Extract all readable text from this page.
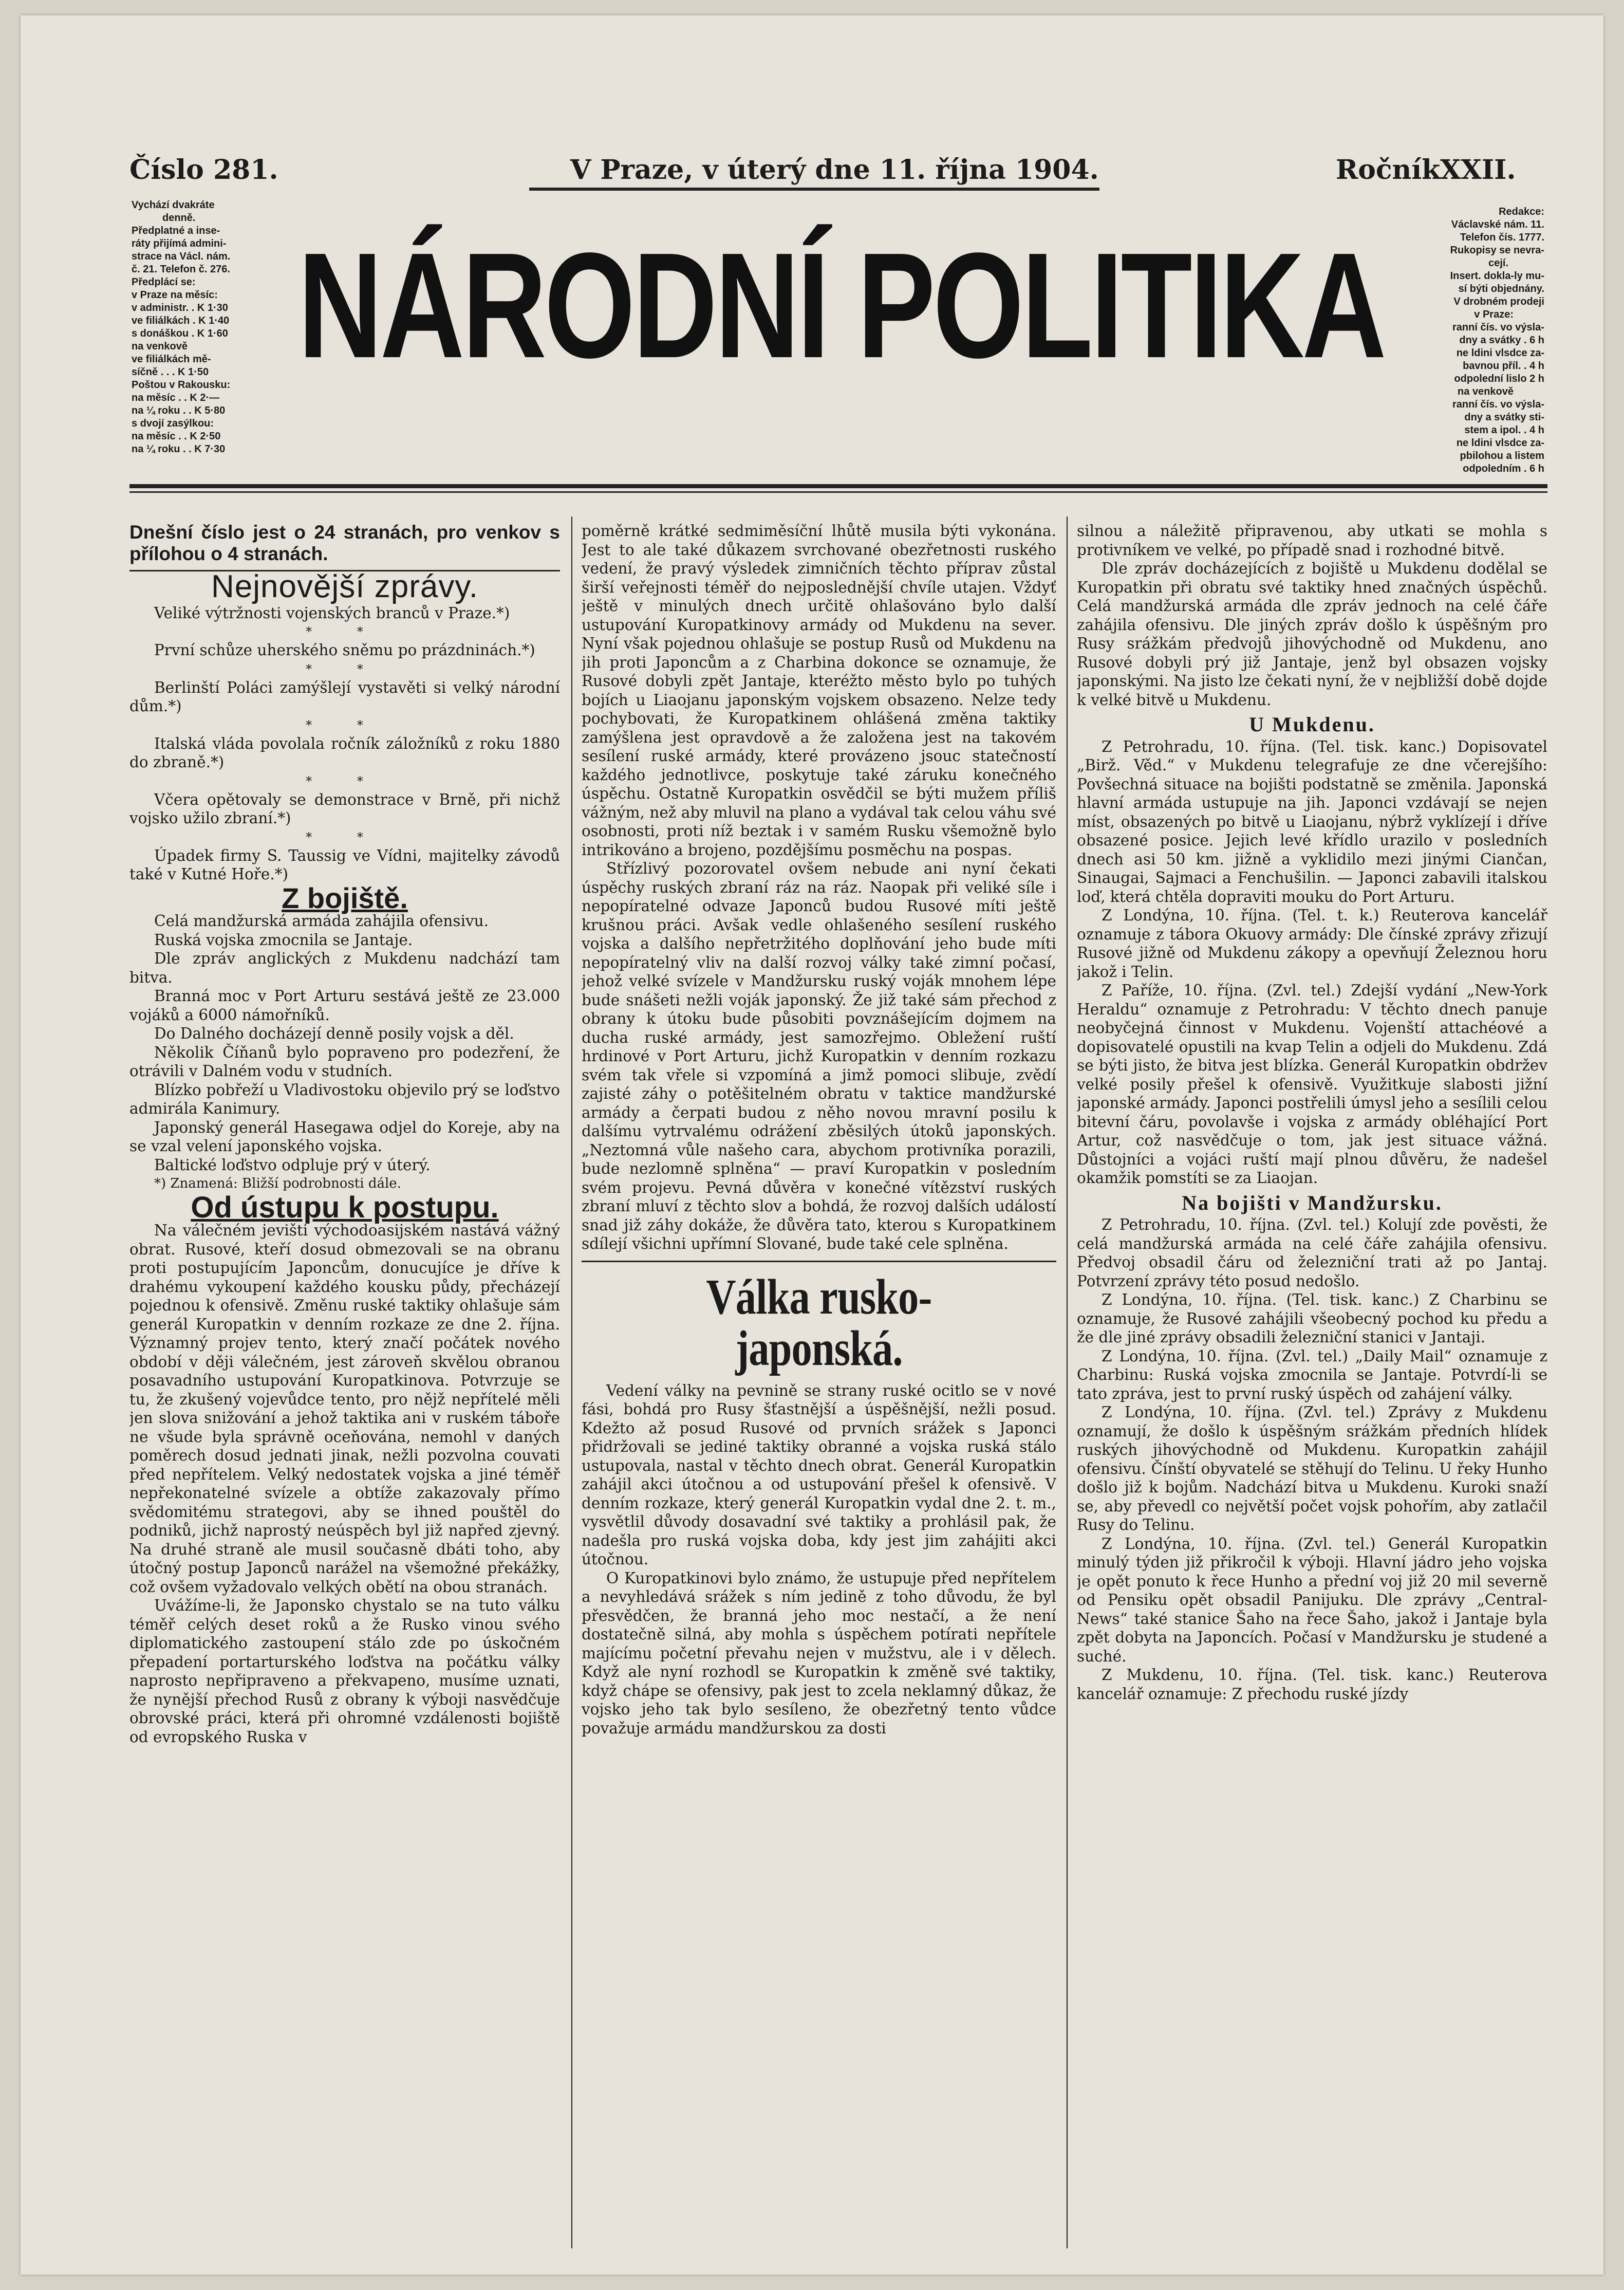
Číslo 281.	V Praze, v úterý dne 11. října 1904.	RočníkXXII.
Vychází dvakráte
denně.
Předplatné a inse-
ráty přijímá admini-
strace na Václ. nám.
č. 21. Telefon č. 276.
Předplácí se:
v Praze na měsíc:
v administr. . K 1·30
ve filiálkách . K 1·40
s donáškou . K 1·60
na venkově
ve filiálkách mě-
síčně . . . K 1·50
Poštou v Rakousku:
na měsíc . . K 2·—
na ¼ roku . . K 5·80
s dvojí zasýlkou:
na měsíc . . K 2·50
na ¼ roku . . K 7·30
NÁRODNÍ POLITIKA
Redakce:
Václavské nám. 11.
Telefon čís. 1777.
Rukopisy se nevra-
cejí.
Insert. dokla-ly mu-
sí býti objednány.
V drobném prodeji
v Praze:
ranní čís. vo výsla-
dny a svátky . 6 h
ne ldini vlsdce za-
bavnou příl. . 4 h
odpolední lislo 2 h
na venkově
ranní čís. vo výsla-
dny a svátky sti-
stem a ipol. . 4 h
ne ldini vlsdce za-
pbilohou a listem
odpoledním . 6 h
Dnešní číslo jest o 24 stranách, pro venkov s přílohou o 4 stranách.
Nejnovější zprávy.

Veliké výtržnosti vojenských branců v Praze.*)

* *

První schůze uherského sněmu po prázdninách.*)

* *

Berlinští Poláci zamýšlejí vystavěti si velký národní dům.*)

* *

Italská vláda povolala ročník záložníků z roku 1880 do zbraně.*)

* *

Včera opětovaly se demonstrace v Brně, při nichž vojsko užilo zbraní.*)

* *

Úpadek firmy S. Taussig ve Vídni, majitelky závodů také v Kutné Hoře.*)

Z bojiště.

Celá mandžurská armáda zahájila ofensivu.

Ruská vojska zmocnila se Jantaje.

Dle zpráv anglických z Mukdenu nadchází tam bitva.

Branná moc v Port Arturu sestává ještě ze 23.000 vojáků a 6000 námořníků.

Do Dalného docházejí denně posily vojsk a děl.

Několik Číňanů bylo popraveno pro podezření, že otrávili v Dalném vodu v studních.

Blízko pobřeží u Vladivostoku objevilo prý se loďstvo admirála Kanimury.

Japonský generál Hasegawa odjel do Koreje, aby na se vzal velení japonského vojska.

Baltické loďstvo odpluje prý v úterý.

*) Znamená: Bližší podrobnosti dále.

Od ústupu k postupu.

Na válečném jevišti východoasijském nastává vážný obrat. Rusové, kteří dosud obmezovali se na obranu proti postupujícím Japoncům, donucujíce je dříve k drahému vykoupení každého kousku půdy, přecházejí pojednou k ofensivě. Změnu ruské taktiky ohlašuje sám generál Kuropatkin v denním rozkaze ze dne 2. října. Významný projev tento, který značí počátek nového období v ději válečném, jest zároveň skvělou obranou posavadního ustupování Kuropatkinova. Potvrzuje se tu, že zkušený vojevůdce tento, pro nějž nepřítelé měli jen slova snižování a jehož taktika ani v ruském táboře ne všude byla správně oceňována, nemohl v daných poměrech dosud jednati jinak, nežli pozvolna couvati před nepřítelem. Velký nedostatek vojska a jiné téměř nepřekonatelné svízele a obtíže zakazovaly přímo svědomitému strategovi, aby se ihned pouštěl do podniků, jichž naprostý neúspěch byl již napřed zjevný. Na druhé straně ale musil současně dbáti toho, aby útočný postup Japonců narážel na všemožné překážky, což ovšem vyžadovalo velkých obětí na obou stranách.

Uvážíme-li, že Japonsko chystalo se na tuto válku téměř celých deset roků a že Rusko vinou svého diplomatického zastoupení stálo zde po úskočném přepadení portarturského loďstva na počátku války naprosto nepřipraveno a překvapeno, musíme uznati, že nynější přechod Rusů z obrany k výboji nasvědčuje obrovské práci, která při ohromné vzdálenosti bojiště od evropského Ruska v

poměrně krátké sedmiměsíční lhůtě musila býti vykonána. Jest to ale také důkazem svrchované obezřetnosti ruského vedení, že pravý výsledek zimničních těchto příprav zůstal širší veřejnosti téměř do nejposlednější chvíle utajen. Vždyť ještě v minulých dnech určitě ohlašováno bylo další ustupování Kuropatkinovy armády od Mukdenu na sever. Nyní však pojednou ohlašuje se postup Rusů od Mukdenu na jih proti Japoncům a z Charbina dokonce se oznamuje, že Rusové dobyli zpět Jantaje, kteréžto město bylo po tuhých bojích u Liaojanu japonským vojskem obsazeno. Nelze tedy pochybovati, že Kuropatkinem ohlášená změna taktiky zamýšlena jest opravdově a že založena jest na takovém sesílení ruské armády, které provázeno jsouc statečností každého jednotlivce, poskytuje také záruku konečného úspěchu. Ostatně Kuropatkin osvědčil se býti mužem příliš vážným, než aby mluvil na plano a vydával tak celou váhu své osobnosti, proti níž beztak i v samém Rusku všemožně bylo intrikováno a brojeno, pozdějšímu posměchu na pospas.

Střízlivý pozorovatel ovšem nebude ani nyní čekati úspěchy ruských zbraní ráz na ráz. Naopak při veliké síle i nepopíratelné odvaze Japonců budou Rusové míti ještě krušnou práci. Avšak vedle ohlašeného sesílení ruského vojska a dalšího nepřetržitého doplňování jeho bude míti nepopíratelný vliv na další rozvoj války také zimní počasí, jehož velké svízele v Mandžursku ruský voják mnohem lépe bude snášeti nežli voják japonský. Že již také sám přechod z obrany k útoku bude působiti povznášejícím dojmem na ducha ruské armády, jest samozřejmo. Obležení ruští hrdinové v Port Arturu, jichž Kuropatkin v denním rozkazu svém tak vřele si vzpomíná a jimž pomoci slibuje, zvědí zajisté záhy o potěšitelném obratu v taktice mandžurské armády a čerpati budou z něho novou mravní posilu k dalšímu vytrvalému odrážení zběsilých útoků japonských. „Neztomná vůle našeho cara, abychom protivníka porazili, bude nezlomně splněna“ — praví Kuropatkin v posledním svém projevu. Pevná důvěra v konečné vítězství ruských zbraní mluví z těchto slov a bohdá, že rozvoj dalších událostí snad již záhy dokáže, že důvěra tato, kterou s Kuropatkinem sdílejí všichni upřímní Slované, bude také cele splněna.

Válka rusko-japonská.

Vedení války na pevnině se strany ruské ocitlo se v nové fási, bohdá pro Rusy šťastnější a úspěšnější, nežli posud. Kdežto až posud Rusové od prvních srážek s Japonci přidržovali se jediné taktiky obranné a vojska ruská stálo ustupovala, nastal v těchto dnech obrat. Generál Kuropatkin zahájil akci útočnou a od ustupování přešel k ofensivě. V denním rozkaze, který generál Kuropatkin vydal dne 2. t. m., vysvětlil důvody dosavadní své taktiky a prohlásil pak, že nadešla pro ruská vojska doba, kdy jest jim zahájiti akci útočnou.

O Kuropatkinovi bylo známo, že ustupuje před nepřítelem a nevyhledává srážek s ním jedině z toho důvodu, že byl přesvědčen, že branná jeho moc nestačí, a že není dostatečně silná, aby mohla s úspěchem potírati nepřítele majícímu početní převahu nejen v mužstvu, ale i v dělech. Když ale nyní rozhodl se Kuropatkin k změně své taktiky, když chápe se ofensivy, pak jest to zcela neklamný důkaz, že vojsko jeho tak bylo sesíleno, že obezřetný tento vůdce považuje armádu mandžurskou za dosti

silnou a náležitě připravenou, aby utkati se mohla s protivníkem ve velké, po případě snad i rozhodné bitvě.

Dle zpráv docházejících z bojiště u Mukdenu dodělal se Kuropatkin při obratu své taktiky hned značných úspěchů. Celá mandžurská armáda dle zpráv jednoch na celé čáře zahájila ofensivu. Dle jiných zpráv došlo k úspěšným pro Rusy srážkám předvojů jihovýchodně od Mukdenu, ano Rusové dobyli prý již Jantaje, jenž byl obsazen vojsky japonskými. Na jisto lze čekati nyní, že v nejbližší době dojde k velké bitvě u Mukdenu.

U Mukdenu.

Z Petrohradu, 10. října. (Tel. tisk. kanc.) Dopisovatel „Birž. Věd.“ v Mukdenu telegrafuje ze dne včerejšího: Povšechná situace na bojišti podstatně se změnila. Japonská hlavní armáda ustupuje na jih. Japonci vzdávají se nejen míst, obsazených po bitvě u Liaojanu, nýbrž vyklízejí i dříve obsazené posice. Jejich levé křídlo urazilo v posledních dnech asi 50 km. jižně a vyklidilo mezi jinými Ciančan, Sinaugai, Sajmaci a Fenchušilin. — Japonci zabavili italskou loď, která chtěla dopraviti mouku do Port Arturu.

Z Londýna, 10. října. (Tel. t. k.) Reuterova kancelář oznamuje z tábora Okuovy armády: Dle čínské zprávy zřizují Rusové jižně od Mukdenu zákopy a opevňují Železnou horu jakož i Telin.

Z Paříže, 10. října. (Zvl. tel.) Zdejší vydání „New-York Heraldu“ oznamuje z Petrohradu: V těchto dnech panuje neobyčejná činnost v Mukdenu. Vojenští attachéové a dopisovatelé opustili na kvap Telin a odjeli do Mukdenu. Zdá se býti jisto, že bitva jest blízka. Generál Kuropatkin obdržev velké posily přešel k ofensivě. Využitkuje slabosti jižní japonské armády. Japonci postřelili úmysl jeho a sesílili celou bitevní čáru, povolavše i vojska z armády obléhající Port Artur, což nasvědčuje o tom, jak jest situace vážná. Důstojníci a vojáci ruští mají plnou důvěru, že nadešel okamžik pomstíti se za Liaojan.

Na bojišti v Mandžursku.

Z Petrohradu, 10. října. (Zvl. tel.) Kolují zde pověsti, že celá mandžurská armáda na celé čáře zahájila ofensivu. Předvoj obsadil čáru od železniční trati až po Jantaj. Potvrzení zprávy této posud nedošlo.

Z Londýna, 10. října. (Tel. tisk. kanc.) Z Charbinu se oznamuje, že Rusové zahájili všeobecný pochod ku předu a že dle jiné zprávy obsadili železniční stanici v Jantaji.

Z Londýna, 10. října. (Zvl. tel.) „Daily Mail“ oznamuje z Charbinu: Ruská vojska zmocnila se Jantaje. Potvrdí-li se tato zpráva, jest to první ruský úspěch od zahájení války.

Z Londýna, 10. října. (Zvl. tel.) Zprávy z Mukdenu oznamují, že došlo k úspěšným srážkám předních hlídek ruských jihovýchodně od Mukdenu. Kuropatkin zahájil ofensivu. Čínští obyvatelé se stěhují do Telinu. U řeky Hunho došlo již k bojům. Nadchází bitva u Mukdenu. Kuroki snaží se, aby převedl co největší počet vojsk pohořím, aby zatlačil Rusy do Telinu.

Z Londýna, 10. října. (Zvl. tel.) Generál Kuropatkin minulý týden již přikročil k výboji. Hlavní jádro jeho vojska je opět ponuto k řece Hunho a přední voj již 20 mil severně od Pensiku opět obsadil Panijuku. Dle zprávy „Central-News“ také stanice Šaho na řece Šaho, jakož i Jantaje byla zpět dobyta na Japoncích. Počasí v Mandžursku je studené a suché.

Z Mukdenu, 10. října. (Tel. tisk. kanc.) Reuterova kancelář oznamuje: Z přechodu ruské jízdy
